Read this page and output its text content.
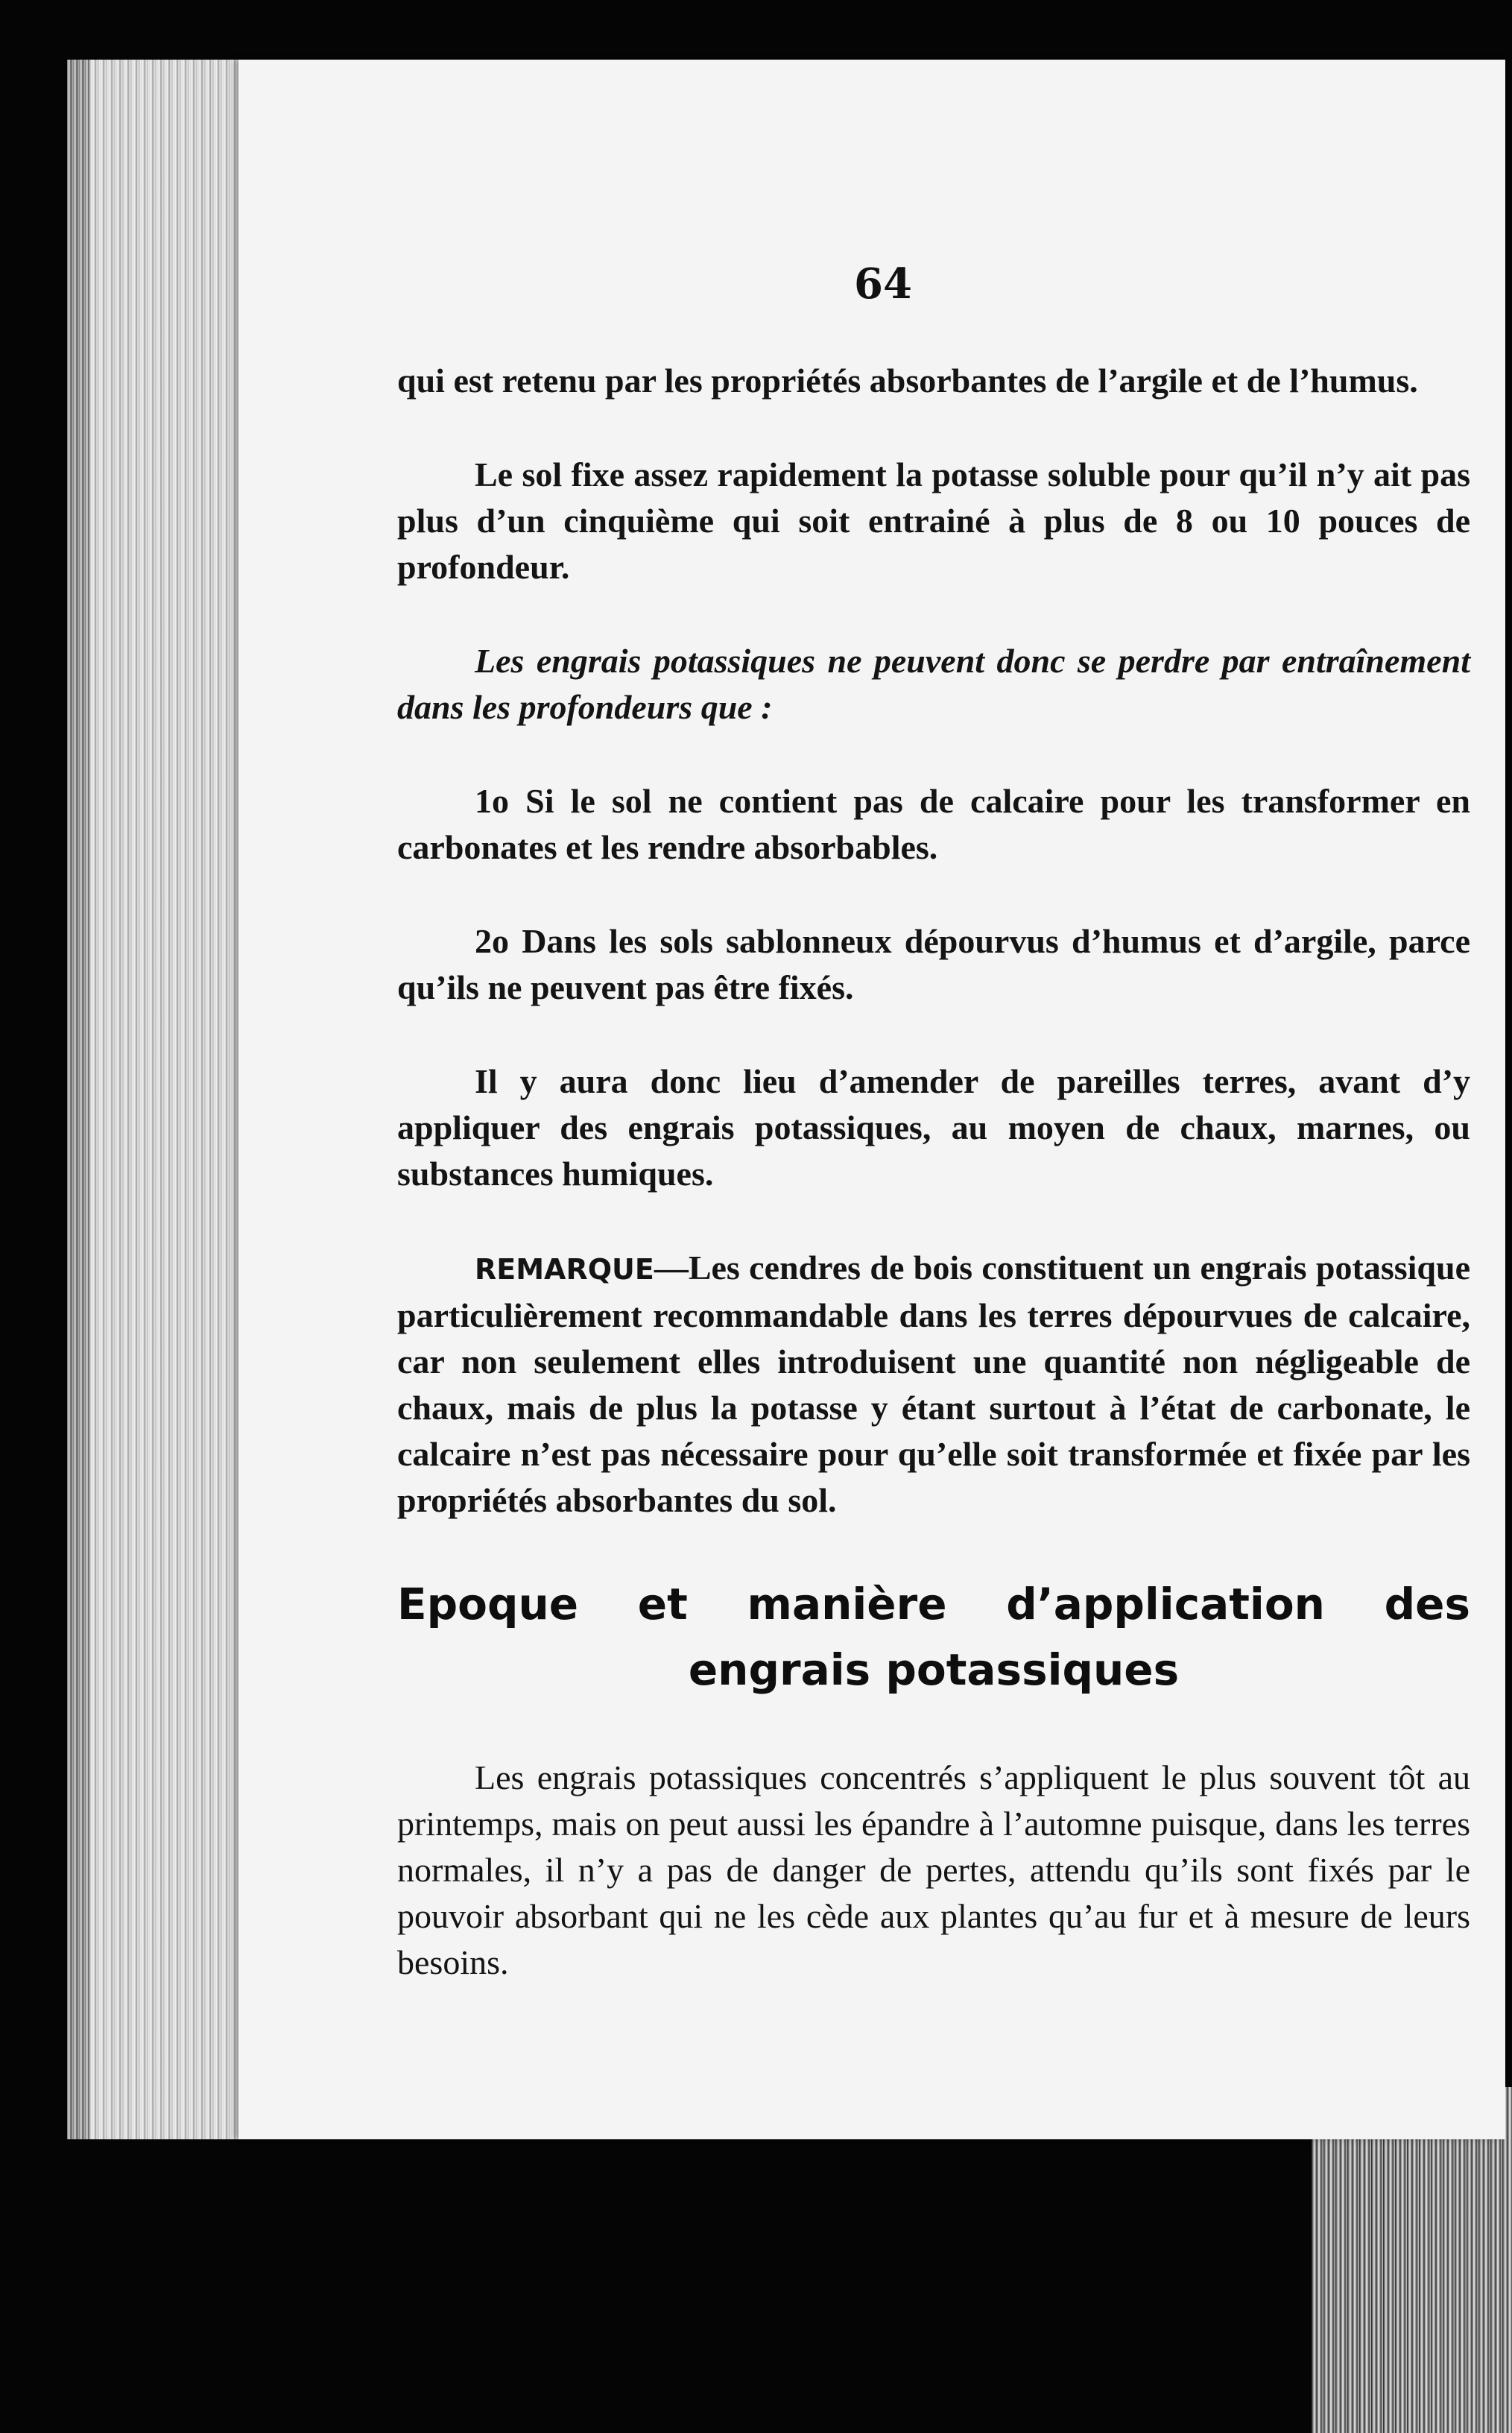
64

qui est retenu par les propriétés absorbantes de l’argile et de l’humus.

Le sol fixe assez rapidement la potasse soluble pour qu’il n’y ait pas plus d’un cinquième qui soit entrainé à plus de 8 ou 10 pouces de profondeur.

Les engrais potassiques ne peuvent donc se perdre par entraînement dans les profondeurs que :

1o Si le sol ne contient pas de calcaire pour les transformer en carbonates et les rendre absorbables.

2o Dans les sols sablonneux dépourvus d’humus et d’argile, parce qu’ils ne peuvent pas être fixés.

Il y aura donc lieu d’amender de pareilles terres, avant d’y appliquer des engrais potassiques, au moyen de chaux, marnes, ou substances humiques.

REMARQUE—Les cendres de bois constituent un engrais potassique particulièrement recommandable dans les terres dépourvues de calcaire, car non seulement elles introduisent une quantité non négligeable de chaux, mais de plus la potasse y étant surtout à l’état de carbonate, le calcaire n’est pas nécessaire pour qu’elle soit transformée et fixée par les propriétés absorbantes du sol.

Epoque et manière d’application des
engrais potassiques

Les engrais potassiques concentrés s’appliquent le plus souvent tôt au printemps, mais on peut aussi les épandre à l’automne puisque, dans les terres normales, il n’y a pas de danger de pertes, attendu qu’ils sont fixés par le pouvoir absorbant qui ne les cède aux plantes qu’au fur et à mesure de leurs besoins.
